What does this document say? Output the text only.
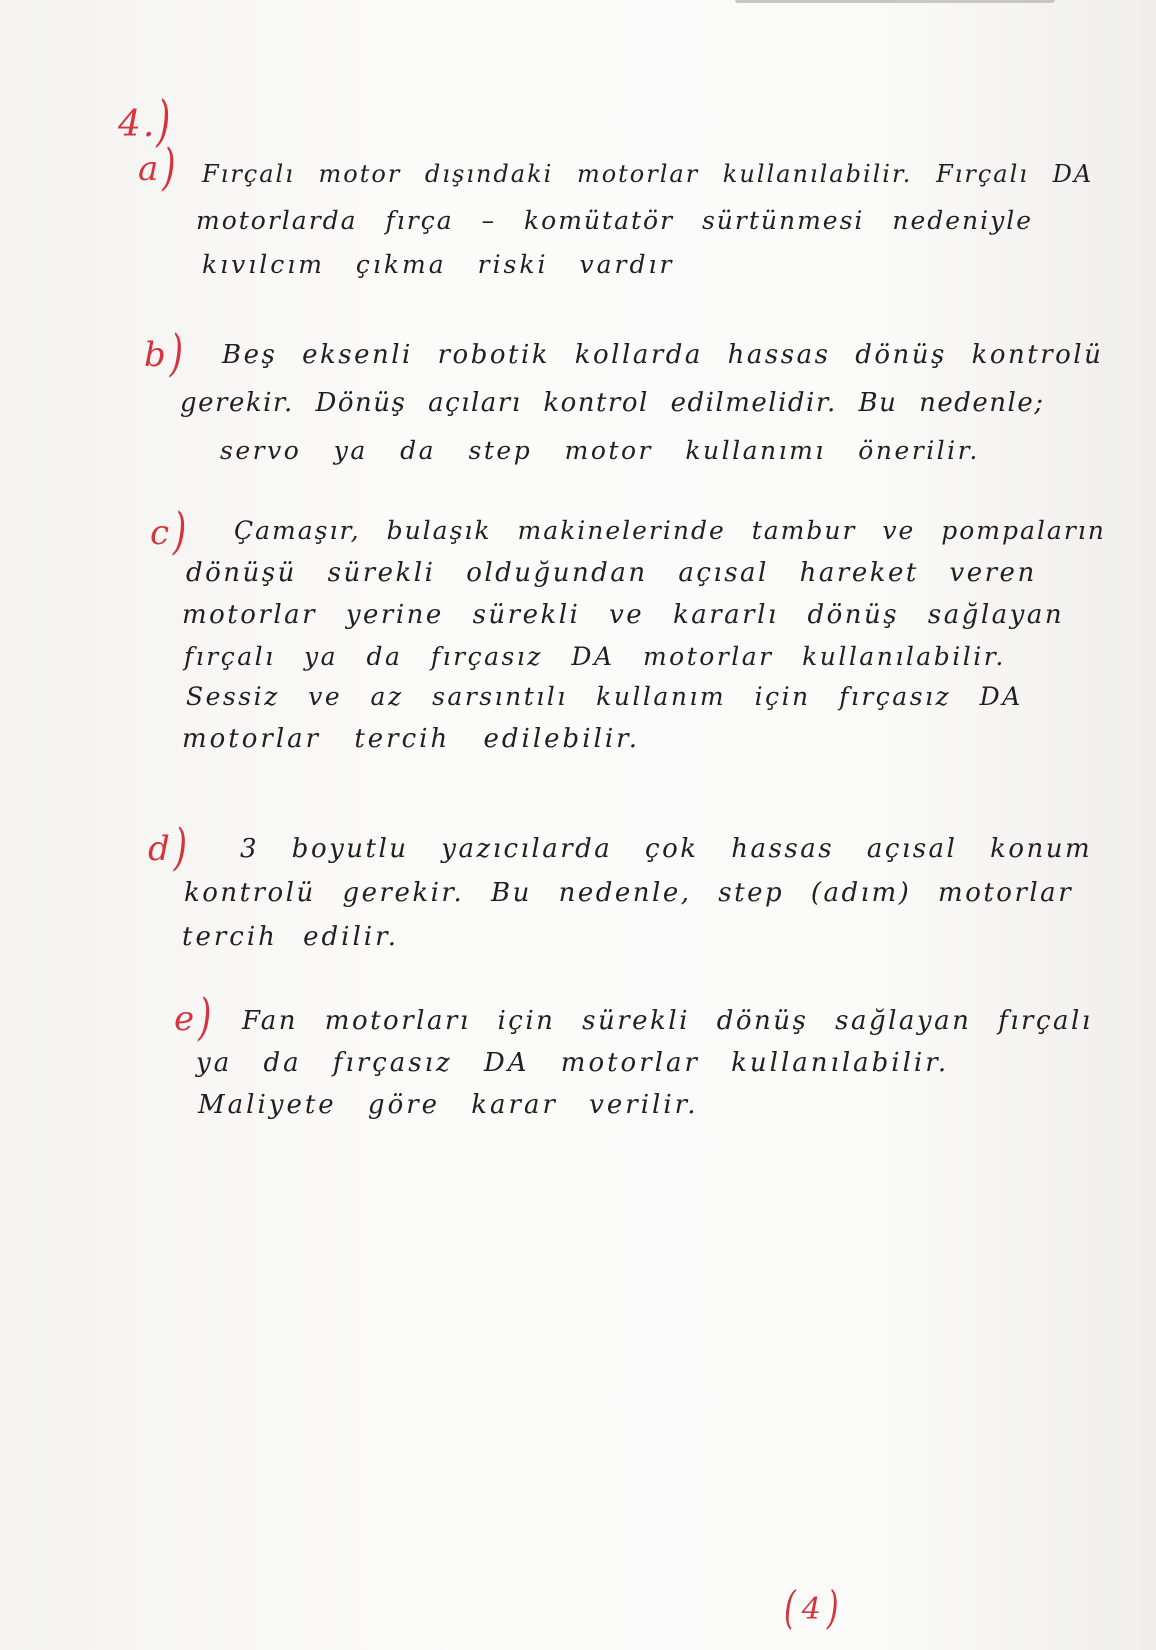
4.)
a ) Fırçalı motor dışındaki motorlar kullanılabilir. Fırçalı DA
motorlarda fırça – komütatör sürtünmesi nedeniyle
kıvılcım çıkma riski vardır
b ) Beş eksenli robotik kollarda hassas dönüş kontrolü
gerekir. Dönüş açıları kontrol edilmelidir. Bu nedenle;
servo ya da step motor kullanımı önerilir.
c ) Çamaşır, bulaşık makinelerinde tambur ve pompaların
dönüşü sürekli olduğundan açısal hareket veren
motorlar yerine sürekli ve kararlı dönüş sağlayan
fırçalı ya da fırçasız DA motorlar kullanılabilir.
Sessiz ve az sarsıntılı kullanım için fırçasız DA
motorlar tercih edilebilir.
d ) 3 boyutlu yazıcılarda çok hassas açısal konum
kontrolü gerekir. Bu nedenle, step (adım) motorlar
tercih edilir.
e ) Fan motorları için sürekli dönüş sağlayan fırçalı
ya da fırçasız DA motorlar kullanılabilir.
Maliyete göre karar verilir.
( 4 )
